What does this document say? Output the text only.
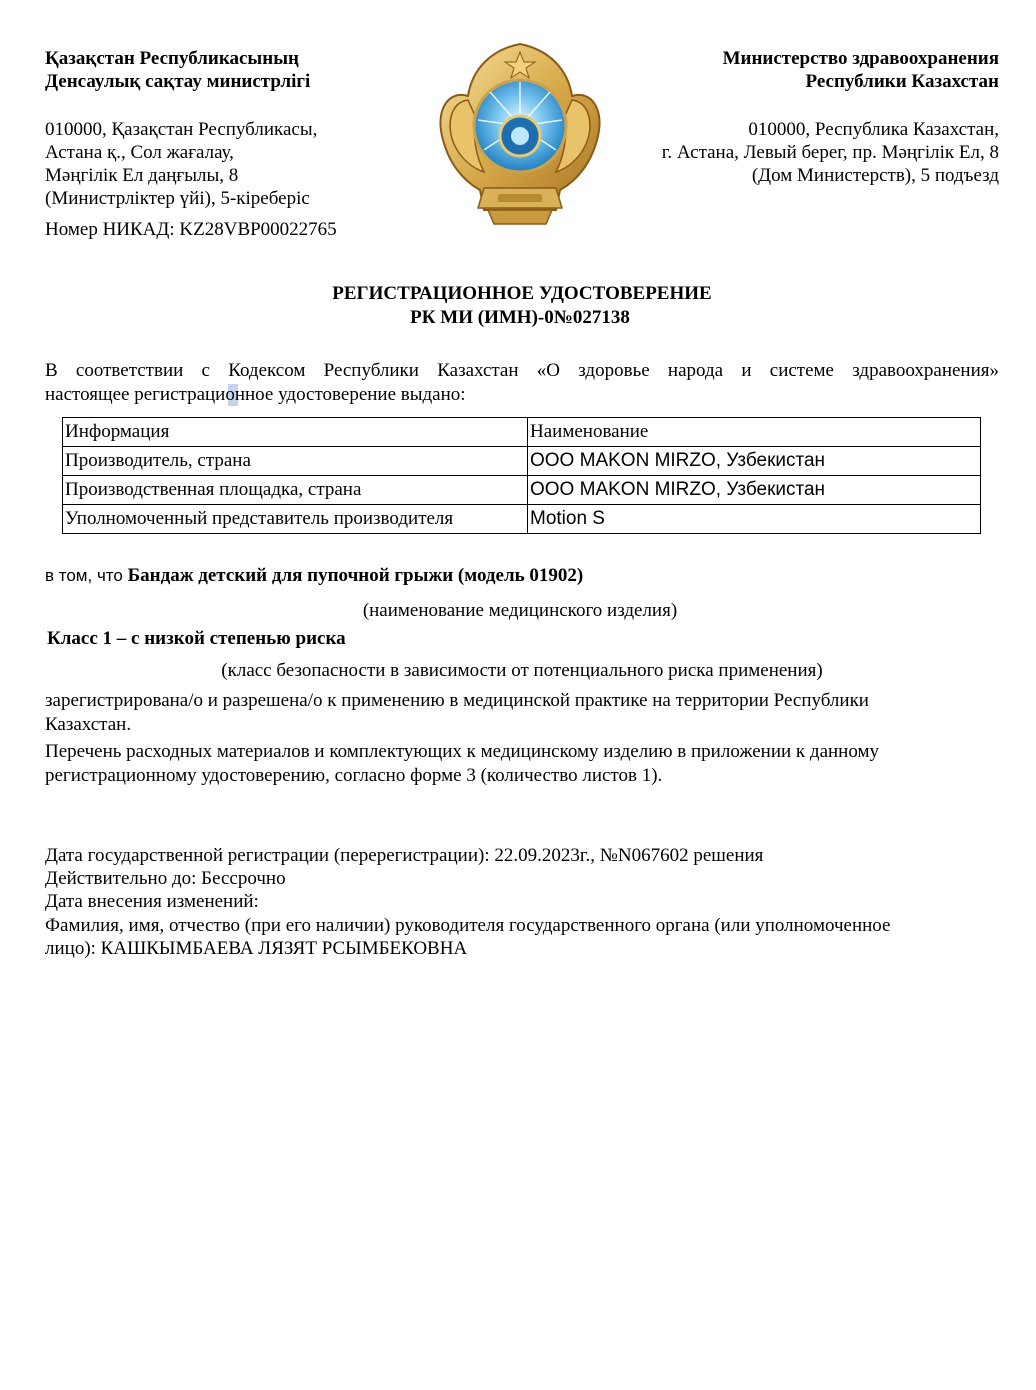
Қазақстан Республикасының
Денсаулық сақтау министрлігі
Министерство здравоохранения
Республики Казахстан
010000, Қазақстан Республикасы,
Астана қ., Сол жағалау,
Мәңгілік Ел даңғылы, 8
(Министрліктер үйі), 5-кіреберіс
Номер НИКАД: KZ28VBP00022765
010000, Республика Казахстан,
г. Астана, Левый берег, пр. Мәңгілік Ел, 8
(Дом Министерств), 5 подъезд
РЕГИСТРАЦИОННОЕ УДОСТОВЕРЕНИЕ
РК МИ (ИМН)-0№027138
В соответствии с Кодексом Республики Казахстан «О здоровье народа и системе здравоохранения»
настоящее регистрационное удостоверение выдано:
Информация	Наименование
Производитель, страна	ООО MAKON MIRZO, Узбекистан
Производственная площадка, страна	ООО MAKON MIRZO, Узбекистан
Уполномоченный представитель производителя	Motion S
в том, что Бандаж детский для пупочной грыжи (модель 01902)
(наименование медицинского изделия)
Класс 1 – с низкой степенью риска
(класс безопасности в зависимости от потенциального риска применения)
зарегистрирована/о и разрешена/о к применению в медицинской практике на территории Республики
Казахстан.
Перечень расходных материалов и комплектующих к медицинскому изделию в приложении к данному
регистрационному удостоверению, согласно форме 3 (количество листов 1).
Дата государственной регистрации (перерегистрации): 22.09.2023г., №N067602 решения
Действительно до: Бессрочно
Дата внесения изменений:
Фамилия, имя, отчество (при его наличии) руководителя государственного органа (или уполномоченное
лицо): КАШКЫМБАЕВА ЛЯЗЯТ РСЫМБЕКОВНА
